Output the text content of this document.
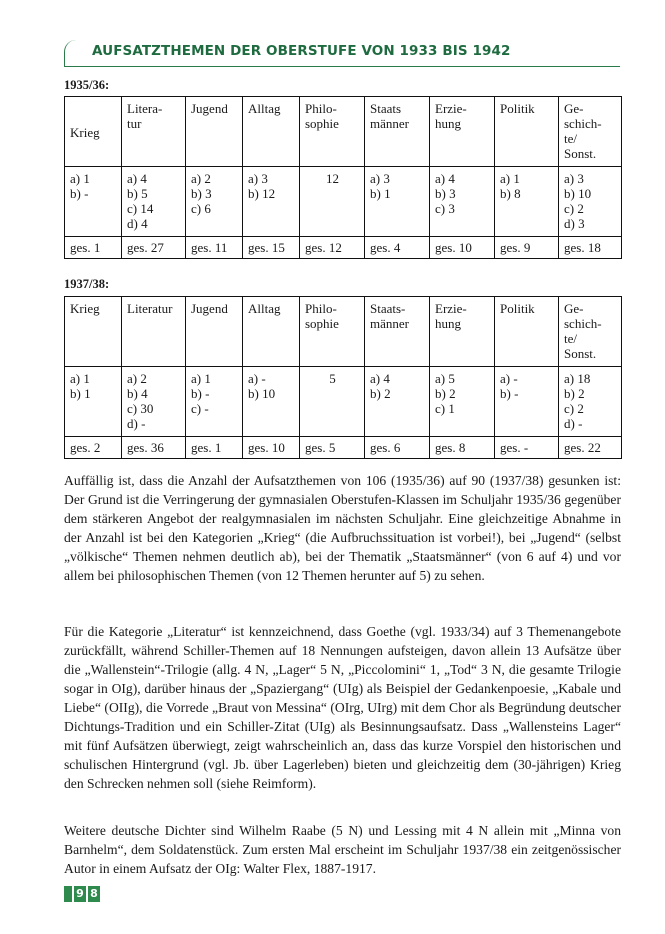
AUFSATZTHEMEN DER OBERSTUFE VON 1933 BIS 1942
1935/36:
Krieg	Litera-
tur	Jugend	Alltag	Philo-
sophie	Staats
männer	Erzie-
hung	Politik	Ge-
schich-
te/
Sonst.
a) 1
b) -	a) 4
b) 5
c) 14
d) 4	a) 2
b) 3
c) 6	a) 3
b) 12	12	a) 3
b) 1	a) 4
b) 3
c) 3	a) 1
b) 8	a) 3
b) 10
c) 2
d) 3
ges. 1	ges. 27	ges. 11	ges. 15	ges. 12	ges. 4	ges. 10	ges. 9	ges. 18
1937/38:
Krieg	Literatur	Jugend	Alltag	Philo-
sophie	Staats-
männer	Erzie-
hung	Politik	Ge-
schich-
te/
Sonst.
a) 1
b) 1	a) 2
b) 4
c) 30
d) -	a) 1
b) -
c) -	a) -
b) 10	5	a) 4
b) 2	a) 5
b) 2
c) 1	a) -
b) -	a) 18
b) 2
c) 2
d) -
ges. 2	ges. 36	ges. 1	ges. 10	ges. 5	ges. 6	ges. 8	ges. -	ges. 22

Auffällig ist, dass die Anzahl der Aufsatzthemen von 106 (1935/36) auf 90 (1937/38) gesunken ist: Der Grund ist die Verringerung der gymnasialen Oberstufen-Klassen im Schuljahr 1935/36 gegenüber dem stärkeren Angebot der realgymnasialen im nächsten Schuljahr. Eine gleichzeitige Abnahme in der Anzahl ist bei den Kategorien „Krieg“ (die Aufbruchssituation ist vorbei!), bei „Jugend“ (selbst „völkische“ Themen nehmen deutlich ab), bei der Thematik „Staatsmänner“ (von 6 auf 4) und vor allem bei philosophischen Themen (von 12 Themen herunter auf 5) zu sehen.

Für die Kategorie „Literatur“ ist kennzeichnend, dass Goethe (vgl. 1933/34) auf 3 Themenangebote zurückfällt, während Schiller-Themen auf 18 Nennungen aufsteigen, davon allein 13 Aufsätze über die „Wallenstein“-Trilogie (allg. 4 N, „Lager“ 5 N, „Piccolomini“ 1, „Tod“ 3 N, die gesamte Trilogie sogar in OIg), darüber hinaus der „Spaziergang“ (UIg) als Beispiel der Gedankenpoesie, „Kabale und Liebe“ (OIIg), die Vorrede „Braut von Messina“ (OIrg, UIrg) mit dem Chor als Begründung deutscher Dichtungs-Tradition und ein Schiller-Zitat (UIg) als Besinnungsaufsatz. Dass „Wallensteins Lager“ mit fünf Aufsätzen überwiegt, zeigt wahrscheinlich an, dass das kurze Vorspiel den historischen und schulischen Hintergrund (vgl. Jb. über Lagerleben) bieten und gleichzeitig dem (30-jährigen) Krieg den Schrecken nehmen soll (siehe Reimform).

Weitere deutsche Dichter sind Wilhelm Raabe (5 N) und Lessing mit 4 N allein mit „Minna von Barnhelm“, dem Soldatenstück. Zum ersten Mal erscheint im Schuljahr 1937/38 ein zeitgenössischer Autor in einem Aufsatz der OIg: Walter Flex, 1887-1917.

9 8
